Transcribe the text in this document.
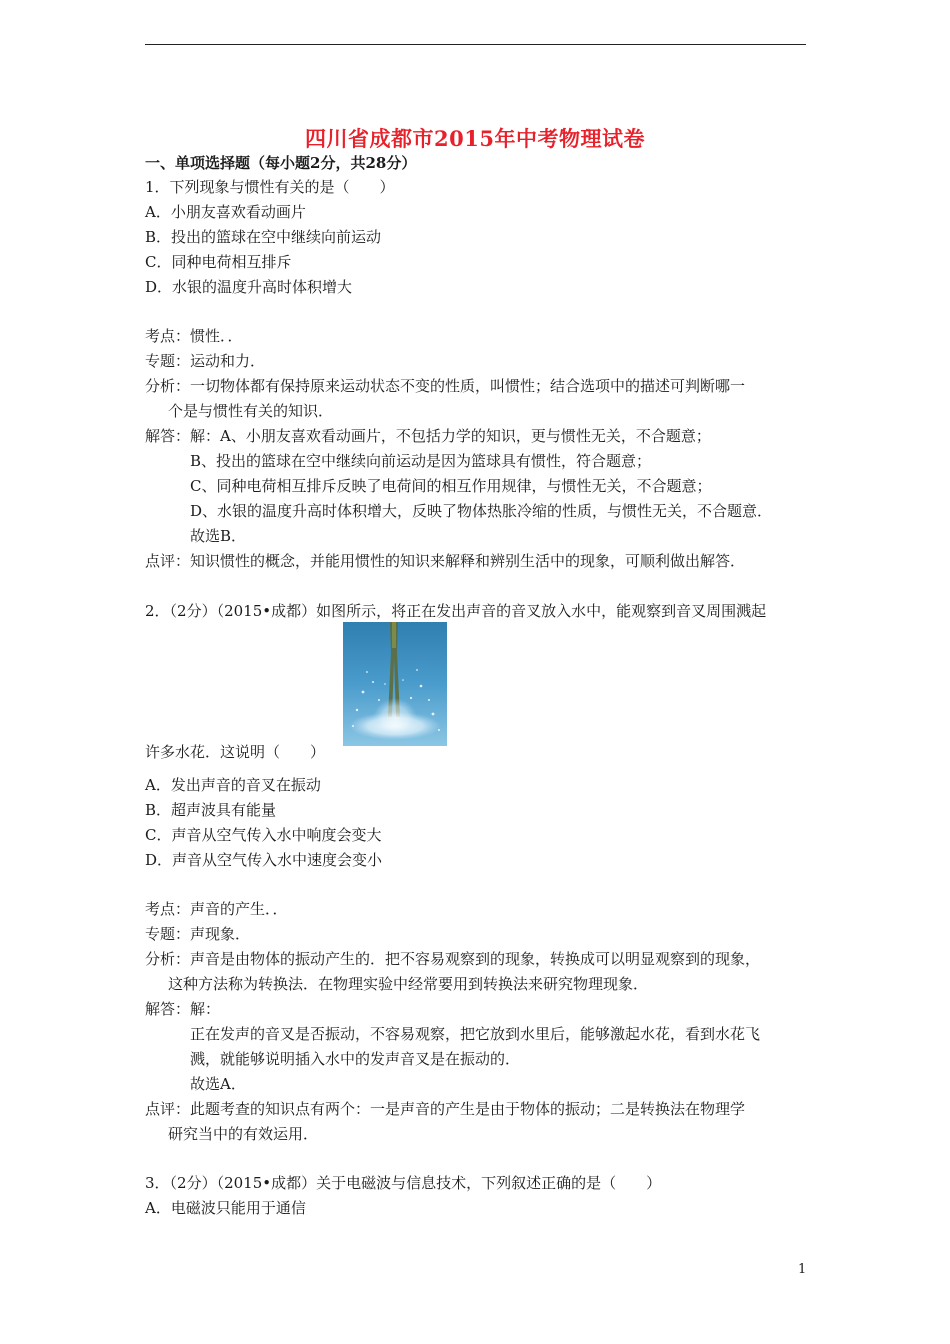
四川省成都市2015年中考物理试卷
一、单项选择题（每小题2分，共28分）
1．下列现象与惯性有关的是（　　）
A．小朋友喜欢看动画片
B．投出的篮球在空中继续向前运动
C．同种电荷相互排斥
D．水银的温度升高时体积增大
考点：惯性．．
专题：运动和力．
分析：一切物体都有保持原来运动状态不变的性质，叫惯性；结合选项中的描述可判断哪一
个是与惯性有关的知识．
解答：解：A、小朋友喜欢看动画片，不包括力学的知识，更与惯性无关，不合题意；
B、投出的篮球在空中继续向前运动是因为篮球具有惯性，符合题意；
C、同种电荷相互排斥反映了电荷间的相互作用规律，与惯性无关，不合题意；
D、水银的温度升高时体积增大，反映了物体热胀冷缩的性质，与惯性无关，不合题意．
故选B．
点评：知识惯性的概念，并能用惯性的知识来解释和辨别生活中的现象，可顺利做出解答．
2．（2分）（2015•成都）如图所示，将正在发出声音的音叉放入水中，能观察到音叉周围溅起
许多水花．这说明（　　）
A．发出声音的音叉在振动
B．超声波具有能量
C．声音从空气传入水中响度会变大
D．声音从空气传入水中速度会变小
考点：声音的产生．．
专题：声现象．
分析：声音是由物体的振动产生的．把不容易观察到的现象，转换成可以明显观察到的现象，
这种方法称为转换法．在物理实验中经常要用到转换法来研究物理现象．
解答：解：
正在发声的音叉是否振动，不容易观察，把它放到水里后，能够激起水花，看到水花飞
溅，就能够说明插入水中的发声音叉是在振动的．
故选A．
点评：此题考查的知识点有两个：一是声音的产生是由于物体的振动；二是转换法在物理学
研究当中的有效运用．
3．（2分）（2015•成都）关于电磁波与信息技术，下列叙述正确的是（　　）
A．电磁波只能用于通信
1
